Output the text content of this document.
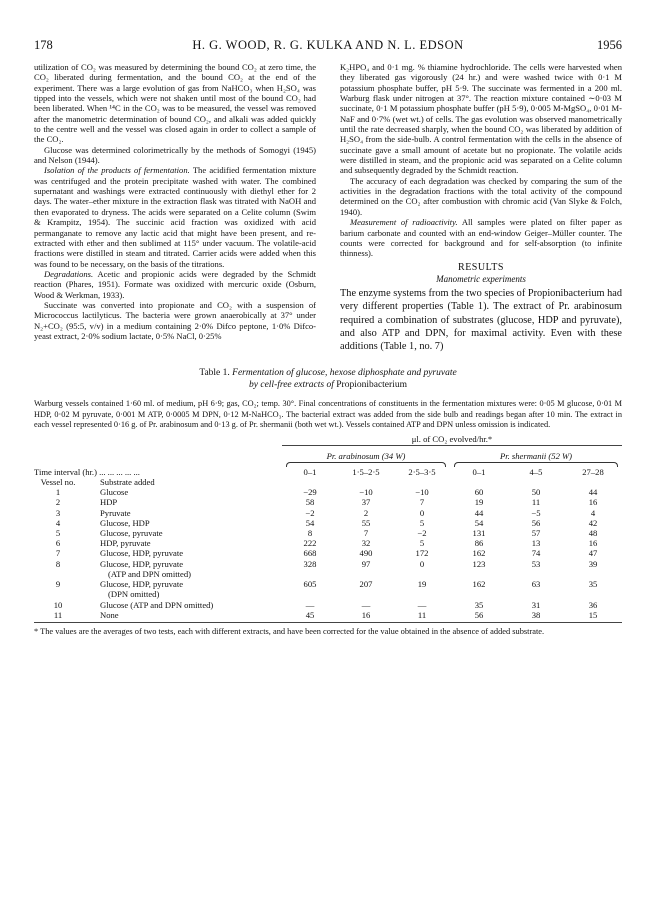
178	H. G. WOOD, R. G. KULKA AND N. L. EDSON	1956

utilization of CO₂ was measured by determining the bound CO₂ at zero time, the CO₂ liberated during fermentation, and the bound CO₂ at the end of the experiment. There was a large evolution of gas from NaHCO₃ when H₂SO₄ was tipped into the vessels, which were not shaken until most of the bound CO₂ had been liberated. When ¹⁴C in the CO₂ was to be measured, the vessel was removed after the manometric determination of bound CO₂, and alkali was added quickly to the centre well and the vessel was closed again in order to collect a sample of the CO₂.

Glucose was determined colorimetrically by the methods of Somogyi (1945) and Nelson (1944).

Isolation of the products of fermentation. The acidified fermentation mixture was centrifuged and the protein precipitate washed with water. The combined supernatant and washings were extracted continuously with diethyl ether for 2 days. The water–ether mixture in the extraction flask was titrated with NaOH and then evaporated to dryness. The acids were separated on a Celite column (Swim & Krampitz, 1954). The succinic acid fraction was oxidized with acid permanganate to remove any lactic acid that might have been present, and re-extracted with ether and then sublimed at 115° under vacuum. The volatile-acid fractions were distilled in steam and titrated. Carrier acids were added when this was found to be necessary, on the basis of the titrations.

Degradations. Acetic and propionic acids were degraded by the Schmidt reaction (Phares, 1951). Formate was oxidized with mercuric oxide (Osburn, Wood & Werkman, 1933).

Succinate was converted into propionate and CO₂ with a suspension of Micrococcus lactilyticus. The bacteria were grown anaerobically at 37° under N₂+CO₂ (95:5, v/v) in a medium containing 2·0% Difco peptone, 1·0% Difco-yeast extract, 2·0% sodium lactate, 0·5% NaCl, 0·25%

K₂HPO₄ and 0·1 mg. % thiamine hydrochloride. The cells were harvested when they liberated gas vigorously (24 hr.) and were washed twice with 0·1 M potassium phosphate buffer, pH 5·9. The succinate was fermented in a 200 ml. Warburg flask under nitrogen at 37°. The reaction mixture contained ∼0·03 M succinate, 0·1 M potassium phosphate buffer (pH 5·9), 0·005 M-MgSO₄, 0·01 M-NaF and 0·7% (wet wt.) of cells. The gas evolution was observed manometrically until the rate decreased sharply, when the bound CO₂ was liberated by addition of H₂SO₄ from the side-bulb. A control fermentation with the cells in the absence of succinate gave a small amount of acetate but no propionate. The volatile acids were distilled in steam, and the propionic acid was separated on a Celite column and subsequently degraded by the Schmidt reaction.

The accuracy of each degradation was checked by comparing the sum of the activities in the degradation fractions with the total activity of the compound determined on the CO₂ after combustion with chromic acid (Van Slyke & Folch, 1940).

Measurement of radioactivity. All samples were plated on filter paper as barium carbonate and counted with an end-window Geiger–Müller counter. The counts were corrected for background and for self-absorption (to infinite thinness).

RESULTS
Manometric experiments

The enzyme systems from the two species of Propionibacterium had very different properties (Table 1). The extract of Pr. arabinosum required a combination of substrates (glucose, HDP and pyruvate), and also ATP and DPN, for maximal activity. Even with these additions (Table 1, no. 7)

Table 1. Fermentation of glucose, hexose diphosphate and pyruvate
by cell-free extracts of Propionibacterium
Warburg vessels contained 1·60 ml. of medium, pH 6·9; gas, CO₂; temp. 30°. Final concentrations of constituents in the fermentation mixtures were: 0·05 M glucose, 0·01 M HDP, 0·02 M pyruvate, 0·001 M ATP, 0·0005 M DPN, 0·12 M-NaHCO₃. The bacterial extract was added from the side bulb and readings began after 10 min. The extract in each vessel represented 0·16 g. of Pr. arabinosum and 0·13 g. of Pr. shermanii (both wet wt.). Vessels contained ATP and DPN unless omission is indicated.
		μl. of CO₂ evolved/hr.*					

		Pr. arabinosum (34 W)			Pr. shermanii (52 W)		

Time interval (hr.) ... ... ... ... ...		0–1	1·5–2·5	2·5–3·5	0–1	4–5	27–28
Vessel no.	Substrate added						
1	Glucose	−29	−10	−10	60	50	44
2	HDP	58	37	7	19	11	16
3	Pyruvate	−2	2	0	44	−5	4
4	Glucose, HDP	54	55	5	54	56	42
5	Glucose, pyruvate	8	7	−2	131	57	48
6	HDP, pyruvate	222	32	5	86	13	16
7	Glucose, HDP, pyruvate	668	490	172	162	74	47
8	Glucose, HDP, pyruvate
(ATP and DPN omitted)	328	97	0	123	53	39
9	Glucose, HDP, pyruvate
(DPN omitted)	605	207	19	162	63	35
10	Glucose (ATP and DPN omitted)	—	—	—	35	31	36
11	None	45	16	11	56	38	15
* The values are the averages of two tests, each with different extracts, and have been corrected for the value obtained in the absence of added substrate.
